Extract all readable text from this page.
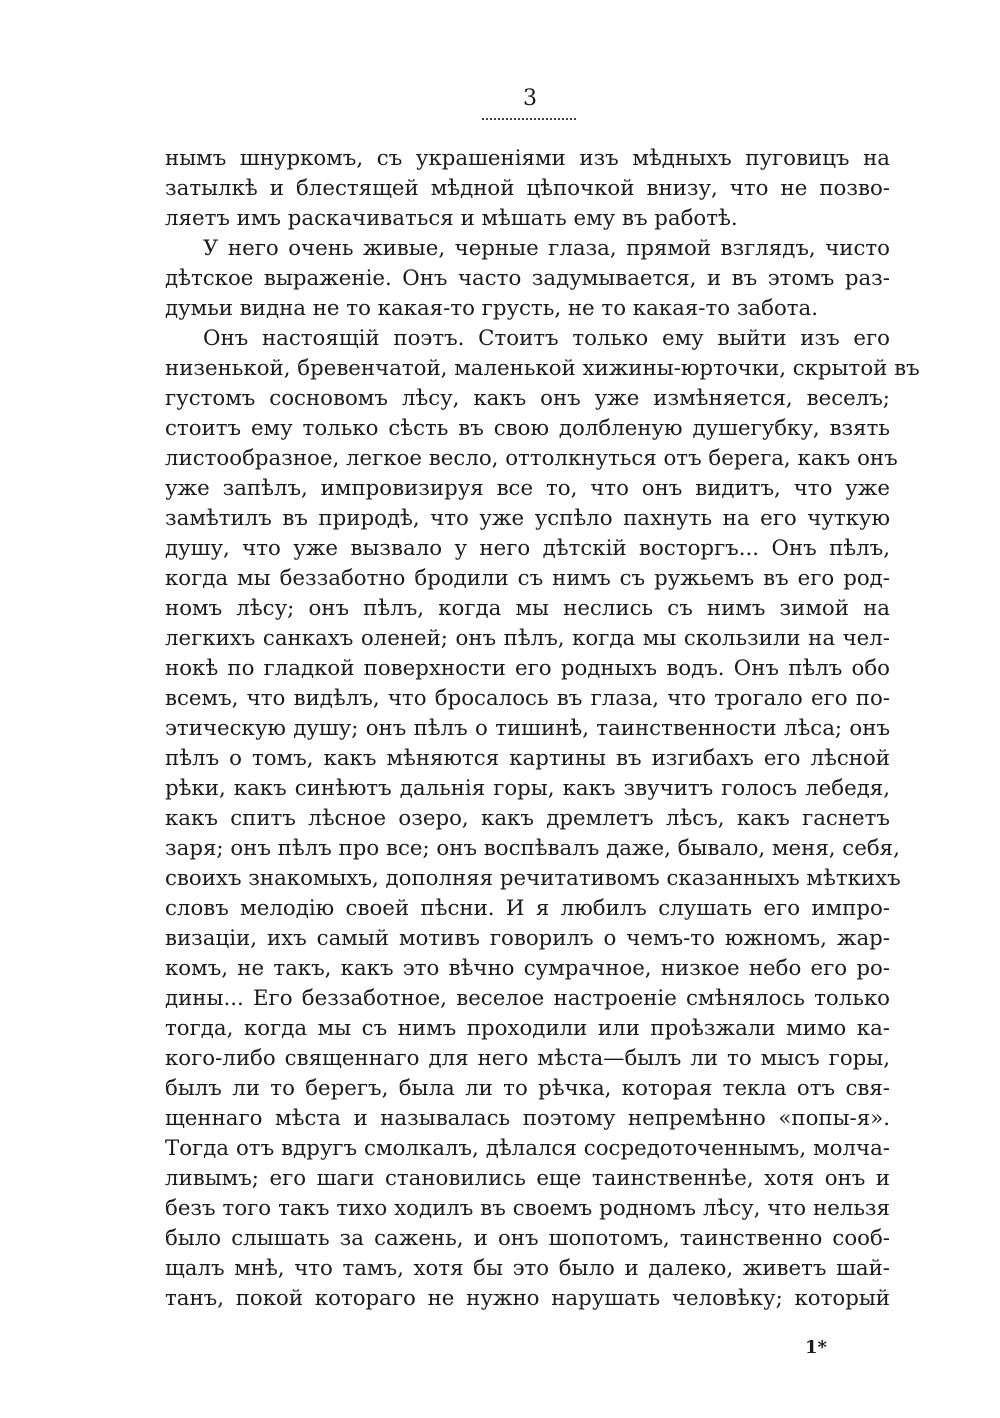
3
нымъ шнуркомъ, съ украшеніями изъ мѣдныхъ пуговицъ на
затылкѣ и блестящей мѣдной цѣпочкой внизу, что не позво-
ляетъ имъ раскачиваться и мѣшать ему въ работѣ.
У него очень живые, черные глаза, прямой взглядъ, чисто
дѣтское выраженіе. Онъ часто задумывается, и въ этомъ раз-
думьи видна не то какая-то грусть, не то какая-то забота.
Онъ настоящій поэтъ. Стоитъ только ему выйти изъ его
низенькой, бревенчатой, маленькой хижины-юрточки, скрытой въ
густомъ сосновомъ лѣсу, какъ онъ уже измѣняется, веселъ;
стоитъ ему только сѣсть въ свою долбленую душегубку, взять
листообразное, легкое весло, оттолкнуться отъ берега, какъ онъ
уже запѣлъ, импровизируя все то, что онъ видитъ, что уже
замѣтилъ въ природѣ, что уже успѣло пахнуть на его чуткую
душу, что уже вызвало у него дѣтскій восторгъ... Онъ пѣлъ,
когда мы беззаботно бродили съ нимъ съ ружьемъ въ его род-
номъ лѣсу; онъ пѣлъ, когда мы неслись съ нимъ зимой на
легкихъ санкахъ оленей; онъ пѣлъ, когда мы скользили на чел-
нокѣ по гладкой поверхности его родныхъ водъ. Онъ пѣлъ обо
всемъ, что видѣлъ, что бросалось въ глаза, что трогало его по-
этическую душу; онъ пѣлъ о тишинѣ, таинственности лѣса; онъ
пѣлъ о томъ, какъ мѣняются картины въ изгибахъ его лѣсной
рѣки, какъ синѣютъ дальнія горы, какъ звучитъ голосъ лебедя,
какъ спитъ лѣсное озеро, какъ дремлетъ лѣсъ, какъ гаснетъ
заря; онъ пѣлъ про все; онъ воспѣвалъ даже, бывало, меня, себя,
своихъ знакомыхъ, дополняя речитативомъ сказанныхъ мѣткихъ
словъ мелодію своей пѣсни. И я любилъ слушать его импро-
визаціи, ихъ самый мотивъ говорилъ о чемъ-то южномъ, жар-
комъ, не такъ, какъ это вѣчно сумрачное, низкое небо его ро-
дины... Его беззаботное, веселое настроеніе смѣнялось только
тогда, когда мы съ нимъ проходили или проѣзжали мимо ка-
кого-либо священнаго для него мѣста—былъ ли то мысъ горы,
былъ ли то берегъ, была ли то рѣчка, которая текла отъ свя-
щеннаго мѣста и называлась поэтому непремѣнно «попы-я».
Тогда отъ вдругъ смолкалъ, дѣлался сосредоточеннымъ, молча-
ливымъ; его шаги становились еще таинственнѣе, хотя онъ и
безъ того такъ тихо ходилъ въ своемъ родномъ лѣсу, что нельзя
было слышать за сажень, и онъ шопотомъ, таинственно сооб-
щалъ мнѣ, что тамъ, хотя бы это было и далеко, живетъ шай-
танъ, покой котораго не нужно нарушать человѣку; который
1*
